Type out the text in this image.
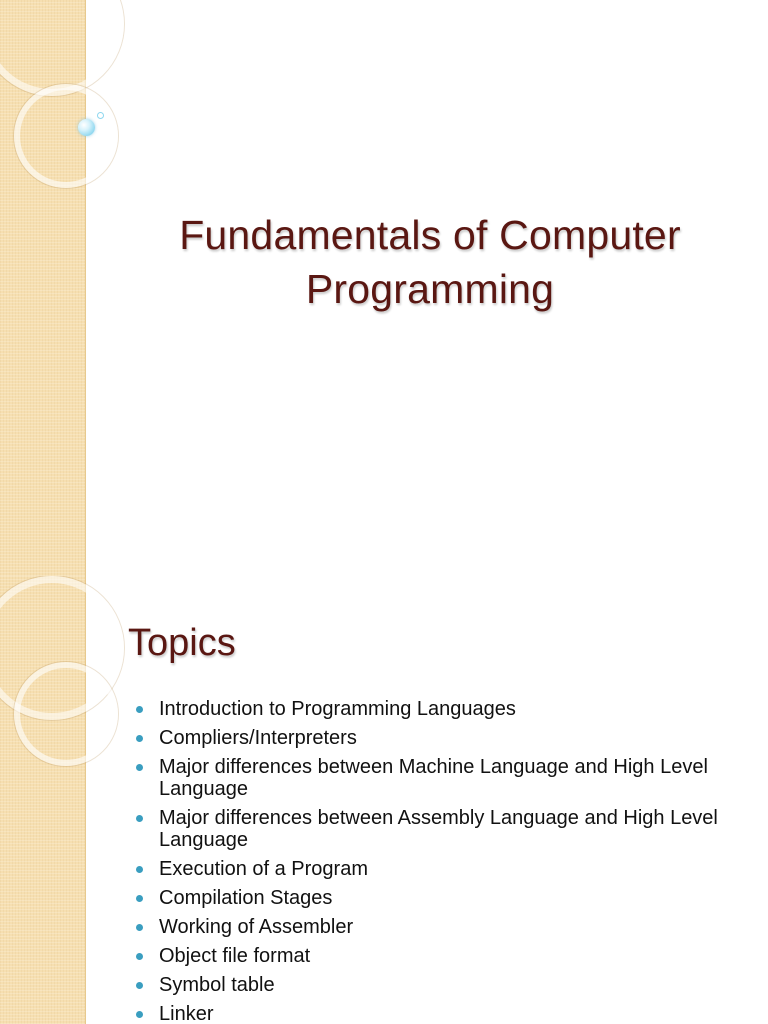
Fundamentals of Computer
Programming
Topics
Introduction to Programming Languages
Compliers/Interpreters
Major differences between Machine Language and High Level Language
Major differences between Assembly Language and High Level Language
Execution of a Program
Compilation Stages
Working of Assembler
Object file format
Symbol table
Linker
